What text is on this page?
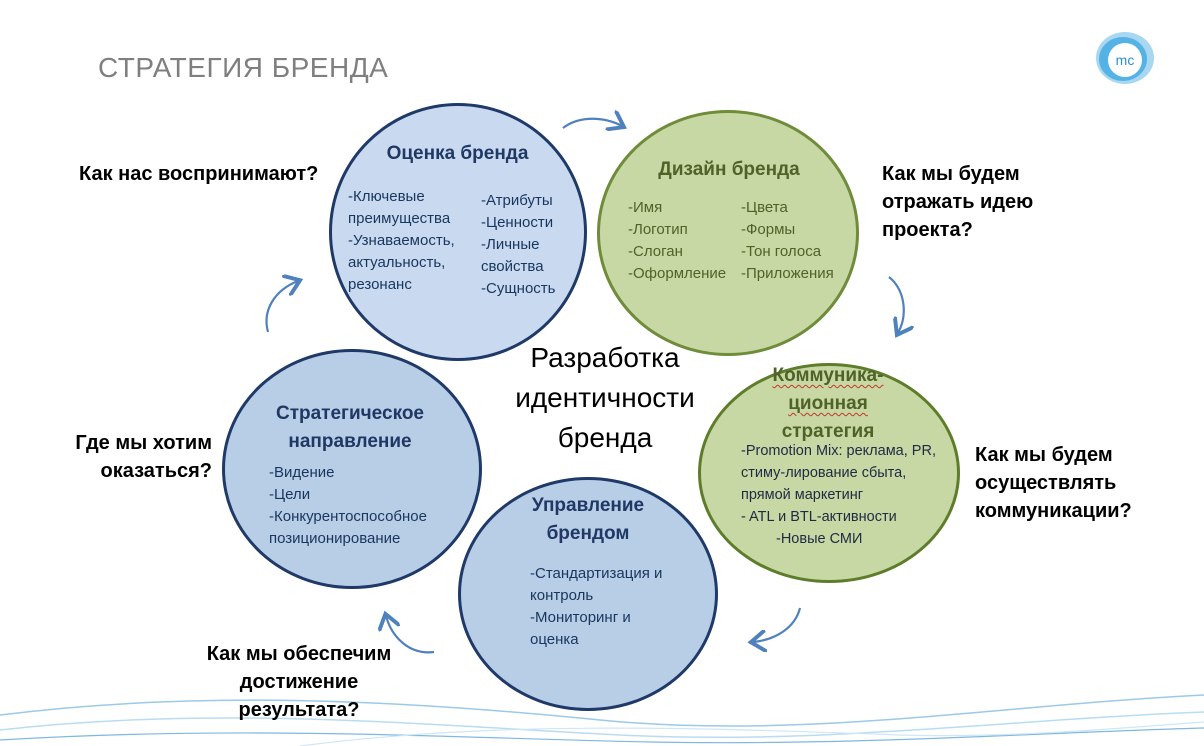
СТРАТЕГИЯ БРЕНДА	mc
Оценка бренда
-Ключевые
преимущества
-Узнаваемость,
актуальность,
резонанс
-Атрибуты
-Ценности
-Личные
свойства
-Сущность
Дизайн бренда
-Имя
-Логотип
-Слоган
-Оформление
-Цвета
-Формы
-Тон голоса
-Приложения
Коммуника-
ционная
стратегия
-Promotion Mix: реклама, PR,
стиму-лирование сбыта,
прямой маркетинг
- ATL и BTL-активности
-Новые СМИ
Стратегическое
направление
-Видение
-Цели
-Конкурентоспособное
позиционирование
Управление
брендом
-Стандартизация и
контроль
-Мониторинг и
оценка
Разработка
идентичности
бренда
Как нас воспринимают?	Как мы будем
отражать идею
проекта?
Как мы будем
осуществлять
коммуникации?
Как мы обеспечим
достижение
результата?
Где мы хотим
оказаться?
